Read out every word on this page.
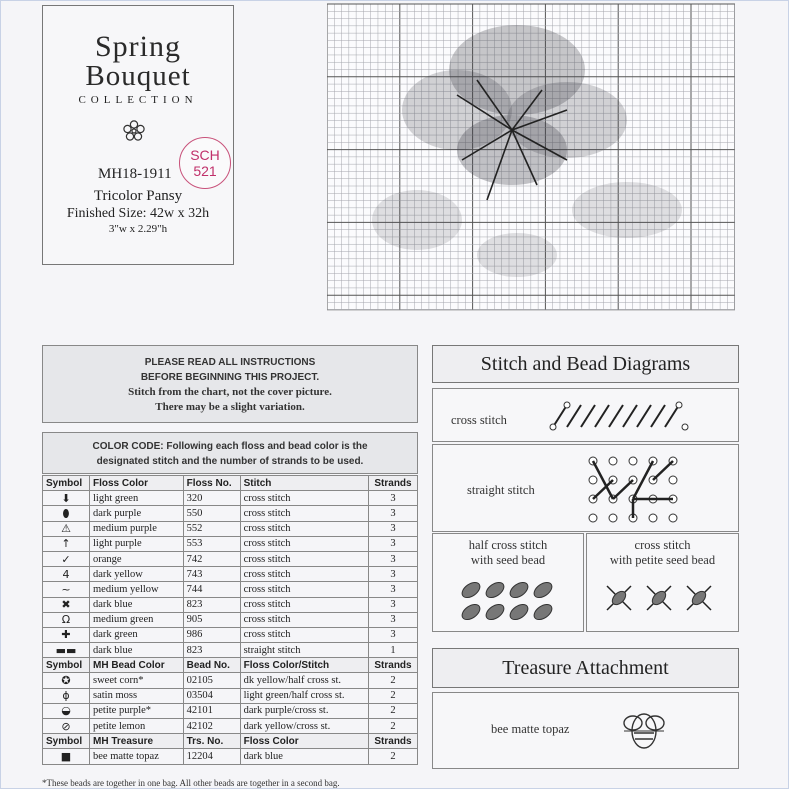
Spring
Bouquet
COLLECTION
MH18-1911
SCH
521
Tricolor Pansy
Finished Size: 42w x 32h
3"w x 2.29"h
PLEASE READ ALL INSTRUCTIONS
BEFORE BEGINNING THIS PROJECT.
Stitch from the chart, not the cover picture.
There may be a slight variation.
COLOR CODE: Following each floss and bead color is the
designated stitch and the number of strands to be used.
Symbol	Floss Color	Floss No.	Stitch	Strands
⬇	light green	320	cross stitch	3
⬮	dark purple	550	cross stitch	3
⚠	medium purple	552	cross stitch	3
↑	light purple	553	cross stitch	3
✓	orange	742	cross stitch	3
4	dark yellow	743	cross stitch	3
~	medium yellow	744	cross stitch	3
✖	dark blue	823	cross stitch	3
Ω	medium green	905	cross stitch	3
✚	dark green	986	cross stitch	3
▬▬	dark blue	823	straight stitch	1
Symbol	MH Bead Color	Bead No.	Floss Color/Stitch	Strands
✪	sweet corn*	02105	dk yellow/half cross st.	2
ɸ	satin moss	03504	light green/half cross st.	2
◒	petite purple*	42101	dark purple/cross st.	2
⊘	petite lemon	42102	dark yellow/cross st.	2
Symbol	MH Treasure	Trs. No.	Floss Color	Strands
■	bee matte topaz	12204	dark blue	2
*These beads are together in one bag. All other beads are together in a second bag.
Stitch and Bead Diagrams
cross stitch
straight stitch
half cross stitch
with seed bead
cross stitch
with petite seed bead
Treasure Attachment
bee matte topaz
